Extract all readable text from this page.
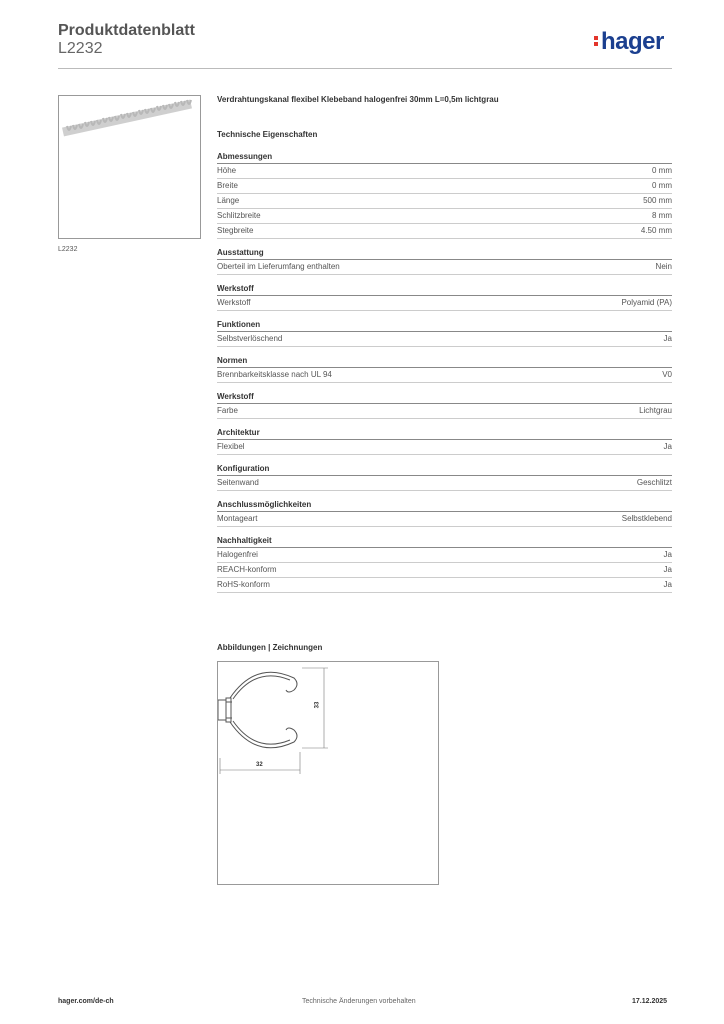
Produktdatenblatt
L2232	hager
L2232
Verdrahtungskanal flexibel Klebeband halogenfrei 30mm L=0,5m lichtgrau
Technische Eigenschaften
Abmessungen
Höhe	0 mm
Breite	0 mm
Länge	500 mm
Schlitzbreite	8 mm
Stegbreite	4.50 mm
Ausstattung
Oberteil im Lieferumfang enthalten	Nein
Werkstoff
Werkstoff	Polyamid (PA)
Funktionen
Selbstverlöschend	Ja
Normen
Brennbarkeitsklasse nach UL 94	V0
Werkstoff
Farbe	Lichtgrau
Architektur
Flexibel	Ja
Konfiguration
Seitenwand	Geschlitzt
Anschlussmöglichkeiten
Montageart	Selbstklebend
Nachhaltigkeit
Halogenfrei	Ja
REACH-konform	Ja
RoHS-konform	Ja
Abbildungen | Zeichnungen
33
32
hager.com/de-ch	Technische Änderungen vorbehalten	17.12.2025
